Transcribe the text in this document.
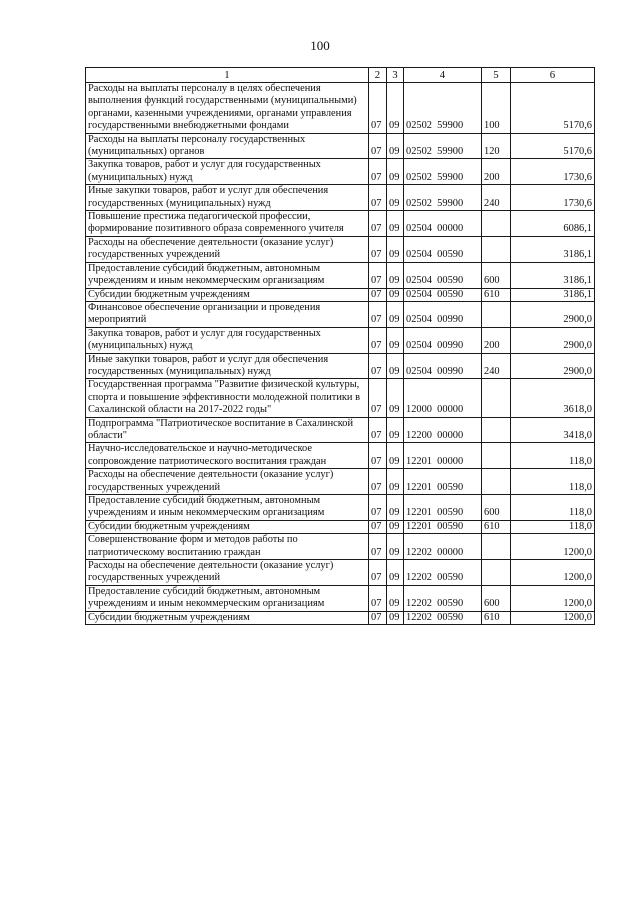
100
1	2	3	4	5	6
Расходы на выплаты персоналу в целях обеспечения выполнения функций государственными (муниципальными) органами, казенными учреждениями, органами управления государственными внебюджетными фондами	07	09	02502  59900	100	5170,6
Расходы на выплаты персоналу государственных (муниципальных) органов	07	09	02502  59900	120	5170,6
Закупка товаров, работ и услуг для государственных (муниципальных) нужд	07	09	02502  59900	200	1730,6
Иные закупки товаров, работ и услуг для обеспечения государственных (муниципальных) нужд	07	09	02502  59900	240	1730,6
Повышение престижа педагогической профессии, формирование позитивного образа современного учителя	07	09	02504  00000		6086,1
Расходы на обеспечение деятельности (оказание услуг) государственных учреждений	07	09	02504  00590		3186,1
Предоставление субсидий бюджетным, автономным учреждениям и иным некоммерческим организациям	07	09	02504  00590	600	3186,1
Субсидии бюджетным учреждениям	07	09	02504  00590	610	3186,1
Финансовое обеспечение организации и проведения мероприятий	07	09	02504  00990		2900,0
Закупка товаров, работ и услуг для государственных (муниципальных) нужд	07	09	02504  00990	200	2900,0
Иные закупки товаров, работ и услуг для обеспечения государственных (муниципальных) нужд	07	09	02504  00990	240	2900,0
Государственная программа "Развитие физической культуры, спорта и повышение эффективности молодежной политики в Сахалинской области на 2017-2022 годы"	07	09	12000  00000		3618,0
Подпрограмма "Патриотическое воспитание в Сахалинской области"	07	09	12200  00000		3418,0
Научно-исследовательское и научно-методическое сопровождение патриотического воспитания граждан	07	09	12201  00000		118,0
Расходы на обеспечение деятельности (оказание услуг) государственных учреждений	07	09	12201  00590		118,0
Предоставление субсидий бюджетным, автономным учреждениям и иным некоммерческим организациям	07	09	12201  00590	600	118,0
Субсидии бюджетным учреждениям	07	09	12201  00590	610	118,0
Совершенствование форм и методов работы по патриотическому воспитанию граждан	07	09	12202  00000		1200,0
Расходы на обеспечение деятельности (оказание услуг) государственных учреждений	07	09	12202  00590		1200,0
Предоставление субсидий бюджетным, автономным учреждениям и иным некоммерческим организациям	07	09	12202  00590	600	1200,0
Субсидии бюджетным учреждениям	07	09	12202  00590	610	1200,0
